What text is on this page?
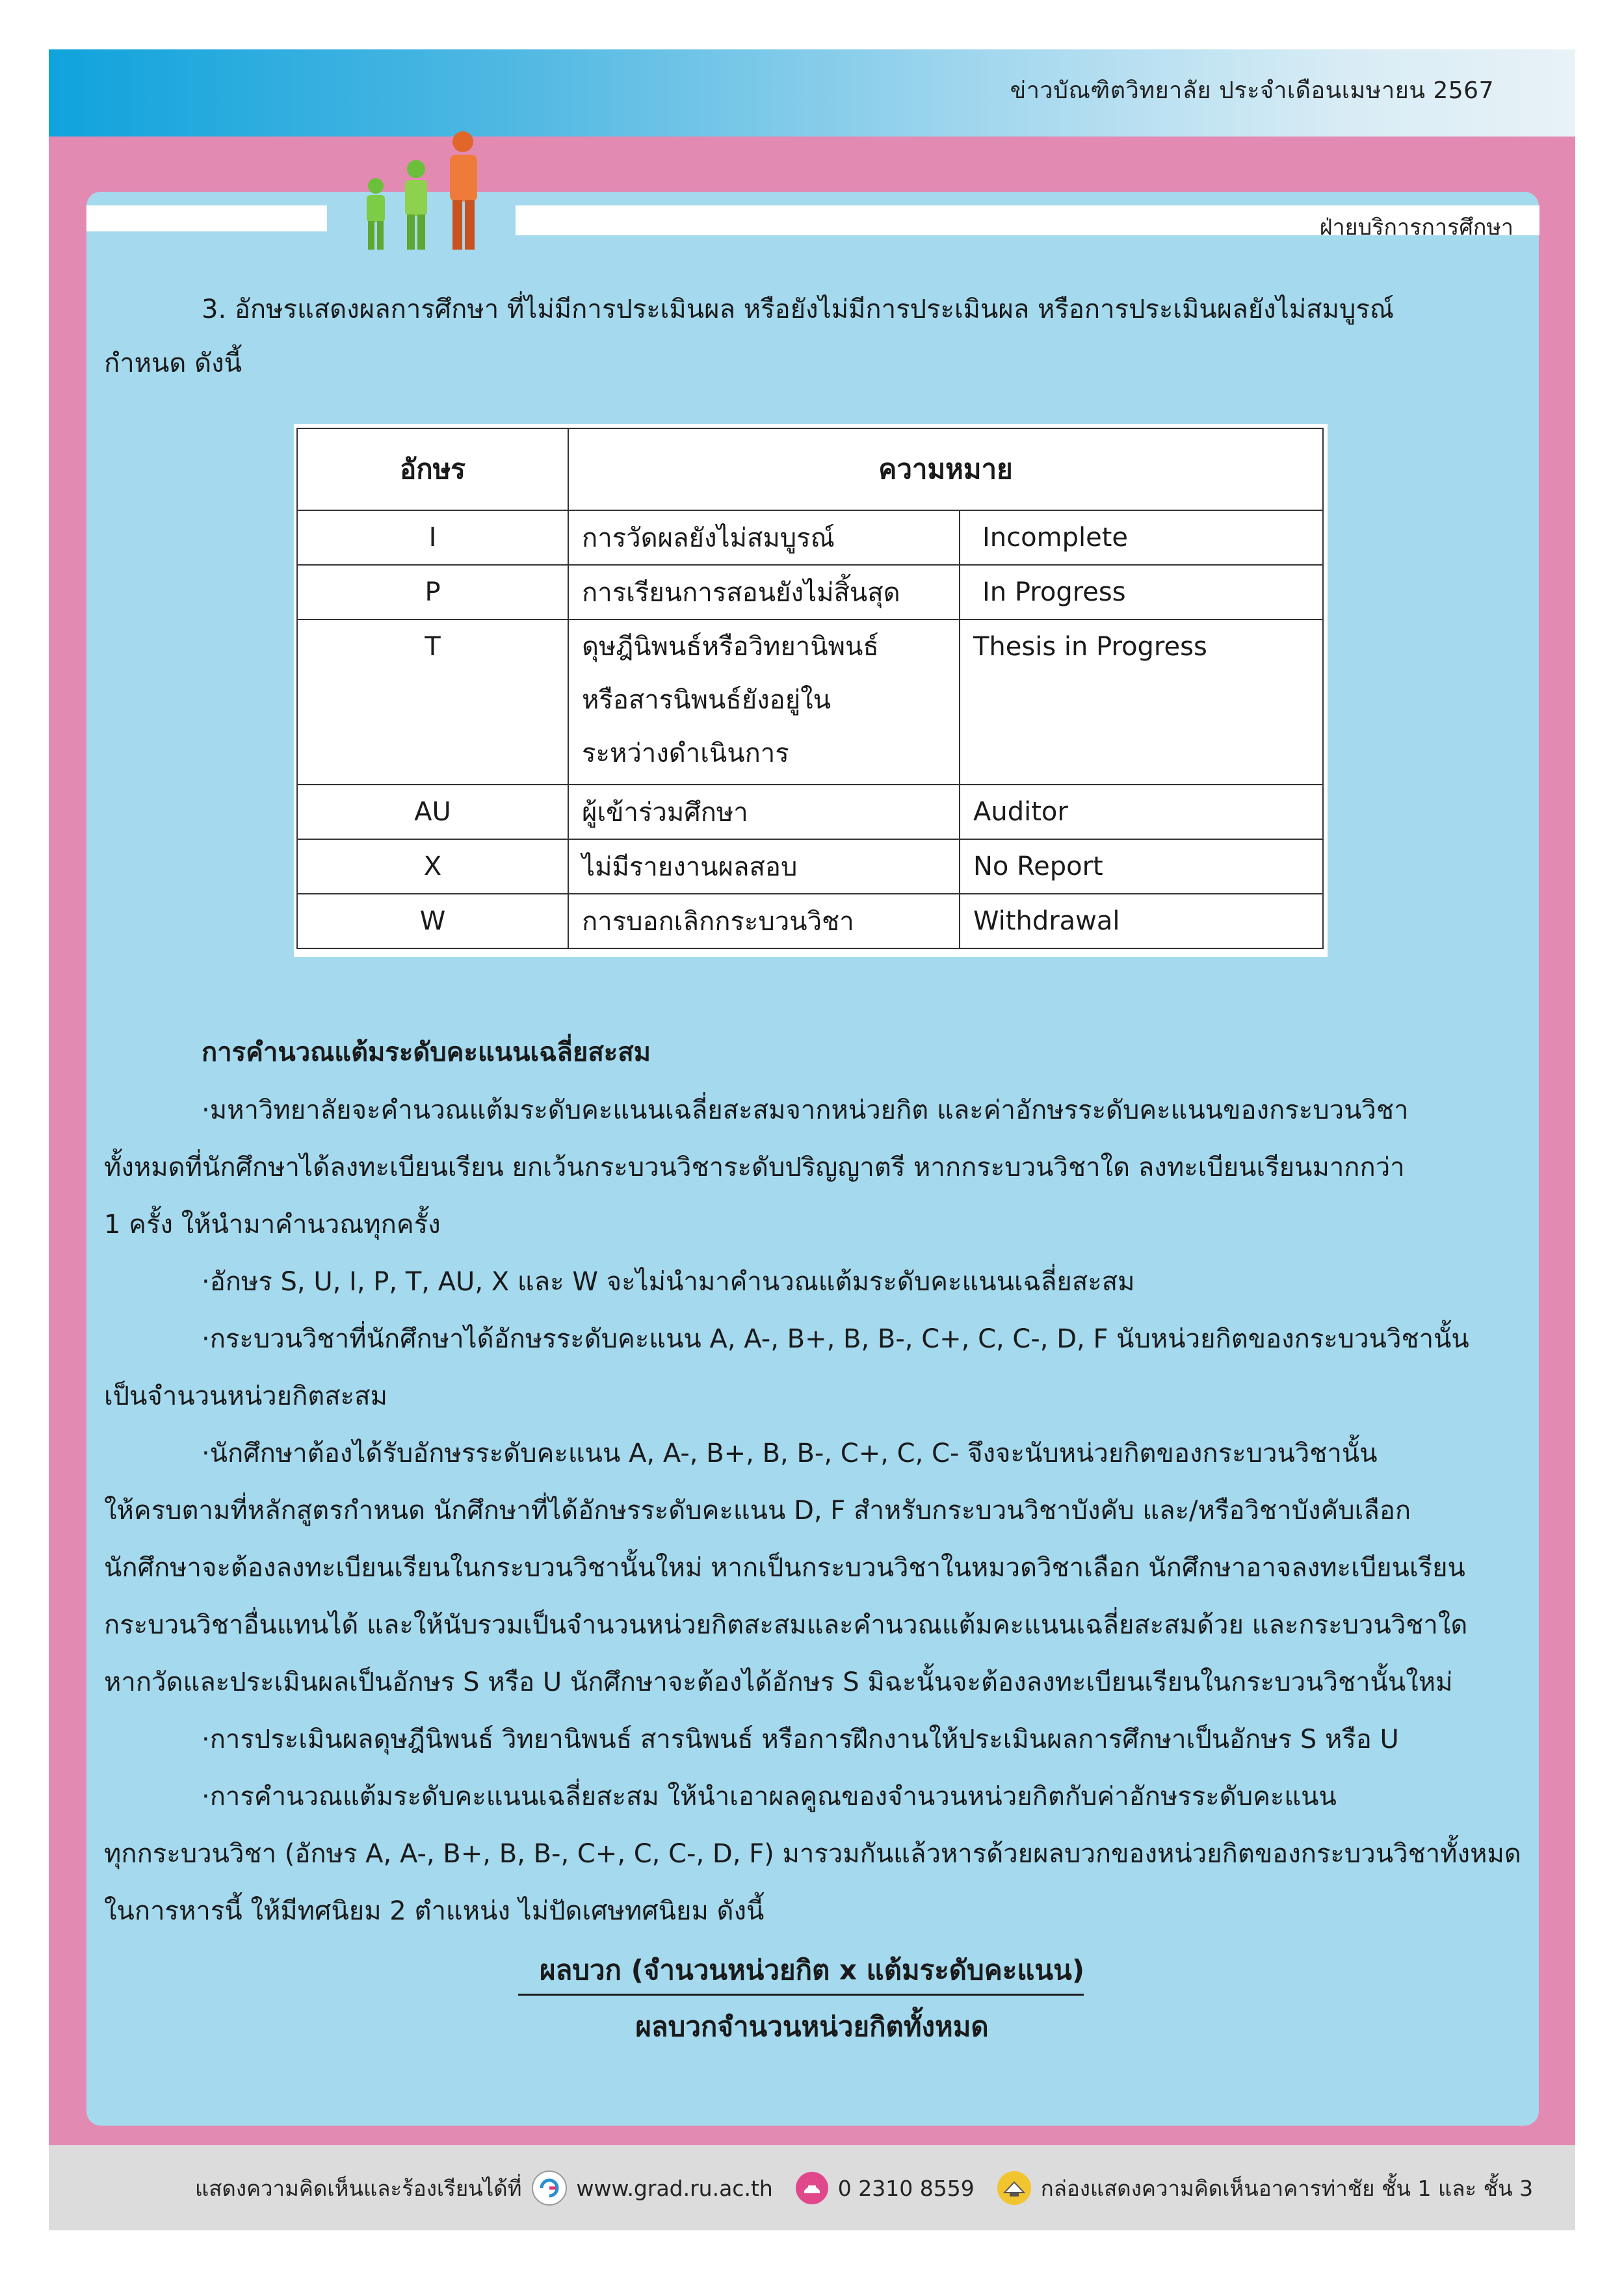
ข่าวบัณฑิตวิทยาลัย ประจำเดือนเมษายน 2567
ฝ่ายบริการการศึกษา
3. อักษรแสดงผลการศึกษา ที่ไม่มีการประเมินผล หรือยังไม่มีการประเมินผล หรือการประเมินผลยังไม่สมบูรณ์
กำหนด ดังนี้
อักษร	ความหมาย	
I	การวัดผลยังไม่สมบูรณ์	Incomplete
P	การเรียนการสอนยังไม่สิ้นสุด	In Progress

T	ดุษฎีนิพนธ์หรือวิทยานิพนธ์
หรือสารนิพนธ์ยังอยู่ใน
ระหว่างดำเนินการ	Thesis in Progress

AU	ผู้เข้าร่วมศึกษา	Auditor
X	ไม่มีรายงานผลสอบ	No Report
W	การบอกเลิกกระบวนวิชา	Withdrawal
การคำนวณแต้มระดับคะแนนเฉลี่ยสะสม
·มหาวิทยาลัยจะคำนวณแต้มระดับคะแนนเฉลี่ยสะสมจากหน่วยกิต และค่าอักษรระดับคะแนนของกระบวนวิชา
ทั้งหมดที่นักศึกษาได้ลงทะเบียนเรียน ยกเว้นกระบวนวิชาระดับปริญญาตรี หากกระบวนวิชาใด ลงทะเบียนเรียนมากกว่า
1 ครั้ง ให้นำมาคำนวณทุกครั้ง
·อักษร S, U, I, P, T, AU, X และ W จะไม่นำมาคำนวณแต้มระดับคะแนนเฉลี่ยสะสม
·กระบวนวิชาที่นักศึกษาได้อักษรระดับคะแนน A, A-, B+, B, B-, C+, C, C-, D, F นับหน่วยกิตของกระบวนวิชานั้น
เป็นจำนวนหน่วยกิตสะสม
·นักศึกษาต้องได้รับอักษรระดับคะแนน A, A-, B+, B, B-, C+, C, C- จึงจะนับหน่วยกิตของกระบวนวิชานั้น
ให้ครบตามที่หลักสูตรกำหนด นักศึกษาที่ได้อักษรระดับคะแนน D, F สำหรับกระบวนวิชาบังคับ และ/หรือวิชาบังคับเลือก
นักศึกษาจะต้องลงทะเบียนเรียนในกระบวนวิชานั้นใหม่ หากเป็นกระบวนวิชาในหมวดวิชาเลือก นักศึกษาอาจลงทะเบียนเรียน
กระบวนวิชาอื่นแทนได้ และให้นับรวมเป็นจำนวนหน่วยกิตสะสมและคำนวณแต้มคะแนนเฉลี่ยสะสมด้วย และกระบวนวิชาใด
หากวัดและประเมินผลเป็นอักษร S หรือ U นักศึกษาจะต้องได้อักษร S มิฉะนั้นจะต้องลงทะเบียนเรียนในกระบวนวิชานั้นใหม่
·การประเมินผลดุษฎีนิพนธ์ วิทยานิพนธ์ สารนิพนธ์ หรือการฝึกงานให้ประเมินผลการศึกษาเป็นอักษร S หรือ U
·การคำนวณแต้มระดับคะแนนเฉลี่ยสะสม ให้นำเอาผลคูณของจำนวนหน่วยกิตกับค่าอักษรระดับคะแนน
ทุกกระบวนวิชา (อักษร A, A-, B+, B, B-, C+, C, C-, D, F) มารวมกันแล้วหารด้วยผลบวกของหน่วยกิตของกระบวนวิชาทั้งหมด
ในการหารนี้ ให้มีทศนิยม 2 ตำแหน่ง ไม่ปัดเศษทศนิยม ดังนี้
ผลบวก (จำนวนหน่วยกิต x แต้มระดับคะแนน)
ผลบวกจำนวนหน่วยกิตทั้งหมด
แสดงความคิดเห็นและร้องเรียนได้ที่	www.grad.ru.ac.th	0 2310 8559	กล่องแสดงความคิดเห็นอาคารท่าชัย ชั้น 1 และ ชั้น 3
